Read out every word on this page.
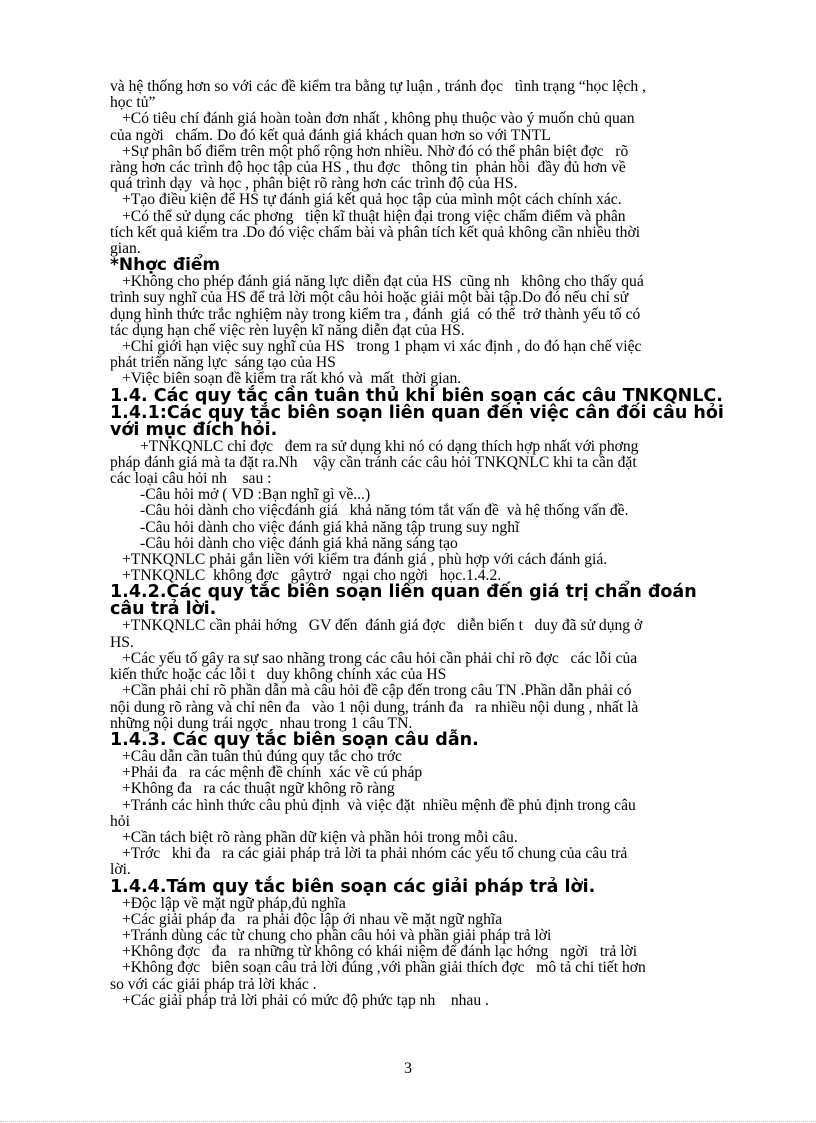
và hệ thống hơn so với các đề kiểm tra bằng tự luận , tránh đọc   tình trạng “học lệch ,

học tủ”

+Có tiêu chí đánh giá hoàn toàn đơn nhất , không phụ thuộc vào ý muốn chủ quan

của ngời   chấm. Do đó kết quả đánh giá khách quan hơn so với TNTL

+Sự phân bố điểm trên một phổ rộng hơn nhiều. Nhờ đó có thể phân biệt đợc   rõ

ràng hơn các trình độ học tập của HS , thu đợc   thông tin  phản hồi  đầy đủ hơn về

quá trình dạy  và học , phân biệt rõ ràng hơn các trình độ của HS.

+Tạo điều kiện để HS tự đánh giá kết quả học tập của mình một cách chính xác.

+Có thể sử dụng các phơng   tiện kĩ thuật hiện đại trong việc chấm điểm và phân

tích kết quả kiểm tra .Do đó việc chấm bài và phân tích kết quả không cần nhiều thời

gian.

*Nhợc điểm

+Không cho phép đánh giá năng lực diễn đạt của HS  cũng nh   không cho thấy quá

trình suy nghĩ của HS để trả lời một câu hỏi hoặc giải một bài tập.Do đó nếu chỉ sử

dụng hình thức trắc nghiệm này trong kiểm tra , đánh  giá  có thể  trở thành yếu tố có

tác dụng hạn chế việc rèn luyện kĩ năng diễn đạt của HS.

+Chỉ giới hạn việc suy nghĩ của HS   trong 1 phạm vi xác định , do đó hạn chế việc

phát triển năng lực  sáng tạo của HS

+Việc biên soạn đề kiểm tra rất khó và  mất  thời gian.

1.4. Các quy tắc cần tuân thủ khi biên soạn các câu TNKQNLC.

1.4.1:Các quy tắc biên soạn liên quan đến việc cân đối câu hỏi

với mục đích hỏi.

+TNKQNLC chỉ đợc   đem ra sử dụng khi nó có dạng thích hợp nhất với phơng

pháp đánh giá mà ta đặt ra.Nh    vậy cần tránh các câu hỏi TNKQNLC khi ta cần đặt

các loại câu hỏi nh    sau :

-Câu hỏi mở ( VD :Bạn nghĩ gì về...)

-Câu hỏi dành cho việcđánh giá   khả năng tóm tắt vấn đề  và hệ thống vấn đề.

-Câu hỏi dành cho việc đánh giá khả năng tập trung suy nghĩ

-Câu hỏi dành cho việc đánh giá khả năng sáng tạo

+TNKQNLC phải gắn liền với kiểm tra đánh giá , phù hợp với cách đánh giá.

+TNKQNLC  không đợc   gâytrở   ngại cho ngời   học.1.4.2.

1.4.2.Các quy tắc biên soạn liên quan đến giá trị chẩn đoán

câu trả lời.

+TNKQNLC cần phải hớng   GV đến  đánh giá đợc   diễn biến t   duy đã sử dụng ở

HS.

+Các yếu tố gây ra sự sao nhãng trong các câu hỏi cần phải chỉ rõ đợc   các lỗi của

kiến thức hoặc các lỗi t   duy không chính xác của HS

+Cần phải chỉ rõ phần dẫn mà câu hỏi đề cập đến trong câu TN .Phần dẫn phải có

nội dung rõ ràng và chỉ nên đa   vào 1 nội dung, tránh đa   ra nhiều nội dung , nhất là

những nội dung trái ngợc   nhau trong 1 câu TN.

1.4.3. Các quy tắc biên soạn câu dẫn.

+Câu dẫn cần tuân thủ đúng quy tắc cho trớc

+Phải đa   ra các mệnh đề chính  xác về cú pháp

+Không đa   ra các thuật ngữ không rõ ràng

+Tránh các hình thức câu phủ định  và việc đặt  nhiều mệnh đề phủ định trong câu

hỏi

+Cần tách biệt rõ ràng phần dữ kiện và phần hỏi trong mỗi câu.

+Trớc   khi đa   ra các giải pháp trả lời ta phải nhóm các yếu tố chung của câu trả

lời.

1.4.4.Tám quy tắc biên soạn các giải pháp trả lời.

+Độc lập về mặt ngữ pháp,đủ nghĩa

+Các giải pháp đa   ra phải độc lập ới nhau về mặt ngữ nghĩa

+Tránh dùng các từ chung cho phần câu hỏi và phần giải pháp trả lời

+Không đợc   đa   ra những từ không có khái niệm để đánh lạc hớng   ngời   trả lời

+Không đợc   biên soạn câu trả lời đúng ,với phần giải thích đợc   mô tả chi tiết hơn

so với các giải pháp trả lời khác .

+Các giải pháp trả lời phải có mức độ phức tạp nh    nhau .

3
